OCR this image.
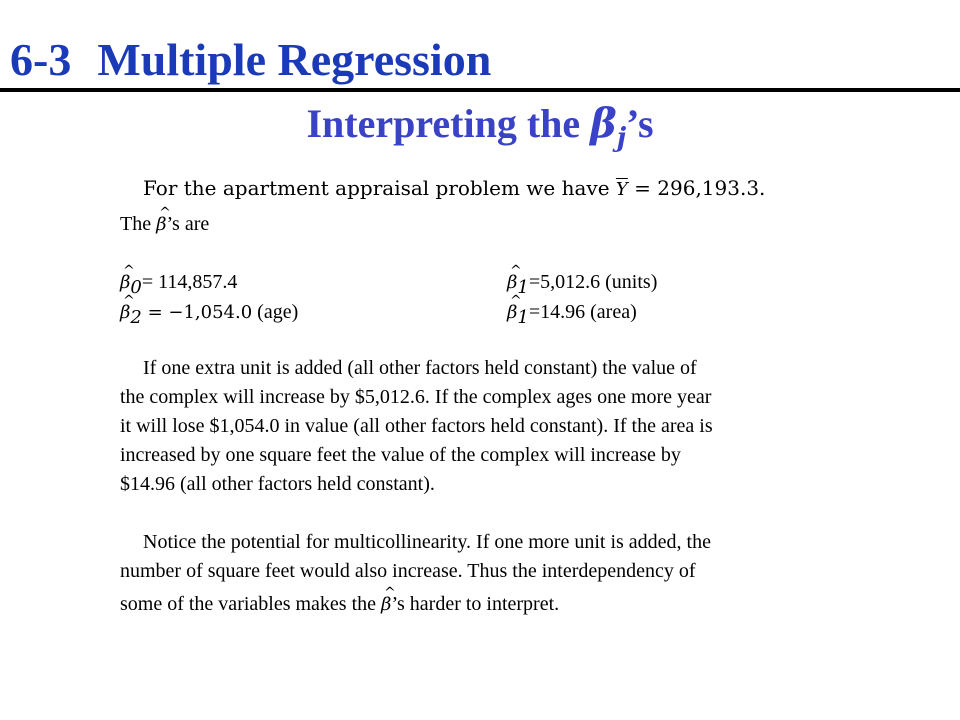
6-3 Multiple Regression
Interpreting the $\beta_j’s$
For the apartment appraisal problem we have $\overline{Y} = 296,193.3$.
The ^ β’s are
^ $\beta_0= 114,857.4$	^ $\beta_1=5,012.6$ (units)
^ $\beta_2 = -1,054.0$ (age)	^ $\beta_1=14.96$ (area)
If one extra unit is added (all other factors held constant) the value of
the complex will increase by $5,012.6. If the complex ages one more year
it will lose $1,054.0 in value (all other factors held constant). If the area is
increased by one square feet the value of the complex will increase by
$14.96 (all other factors held constant).
Notice the potential for multicollinearity. If one more unit is added, the
number of square feet would also increase. Thus the interdependency of
some of the variables makes the ^ β’s harder to interpret.
